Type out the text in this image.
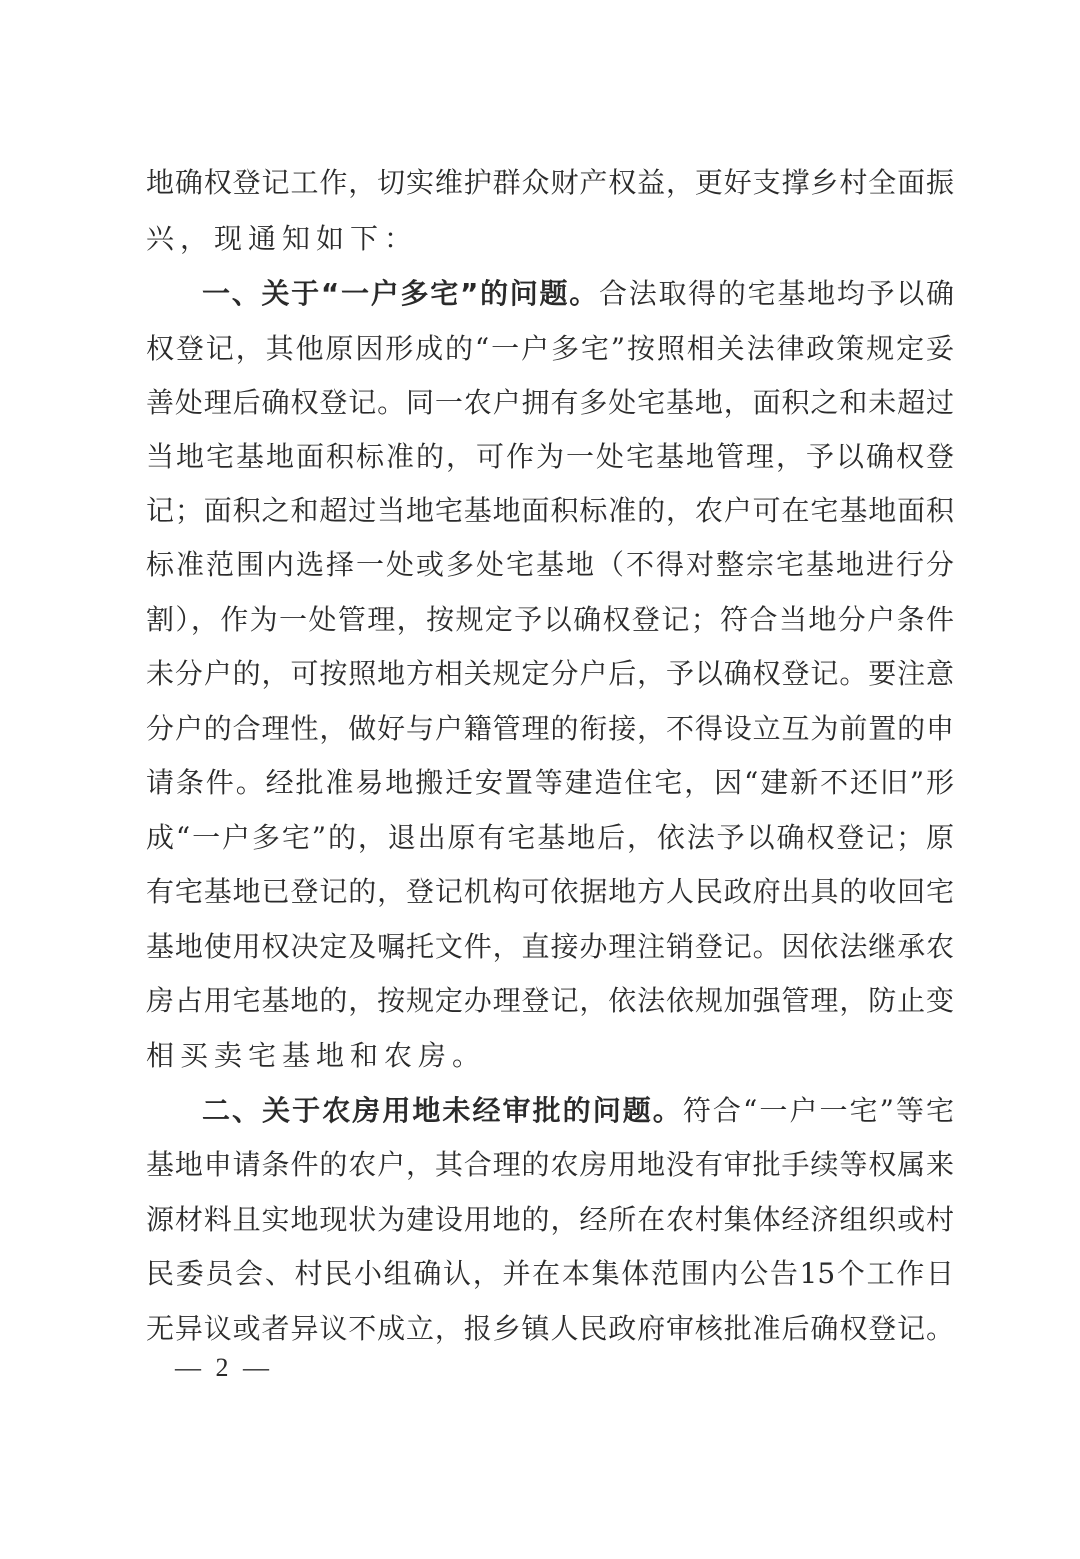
地确权登记工作，切实维护群众财产权益，更好支撑乡村全面振
兴，现通知如下：
一、关于“一户多宅”的问题。合法取得的宅基地均予以确
权登记，其他原因形成的“一户多宅”按照相关法律政策规定妥
善处理后确权登记。同一农户拥有多处宅基地，面积之和未超过
当地宅基地面积标准的，可作为一处宅基地管理，予以确权登
记；面积之和超过当地宅基地面积标准的，农户可在宅基地面积
标准范围内选择一处或多处宅基地（不得对整宗宅基地进行分
割），作为一处管理，按规定予以确权登记；符合当地分户条件
未分户的，可按照地方相关规定分户后，予以确权登记。要注意
分户的合理性，做好与户籍管理的衔接，不得设立互为前置的申
请条件。经批准易地搬迁安置等建造住宅，因“建新不还旧”形
成“一户多宅”的，退出原有宅基地后，依法予以确权登记；原
有宅基地已登记的，登记机构可依据地方人民政府出具的收回宅
基地使用权决定及嘱托文件，直接办理注销登记。因依法继承农
房占用宅基地的，按规定办理登记，依法依规加强管理，防止变
相买卖宅基地和农房。
二、关于农房用地未经审批的问题。符合“一户一宅”等宅
基地申请条件的农户，其合理的农房用地没有审批手续等权属来
源材料且实地现状为建设用地的，经所在农村集体经济组织或村
民委员会、村民小组确认，并在本集体范围内公告15个工作日
无异议或者异议不成立，报乡镇人民政府审核批准后确权登记。
— 2 —
